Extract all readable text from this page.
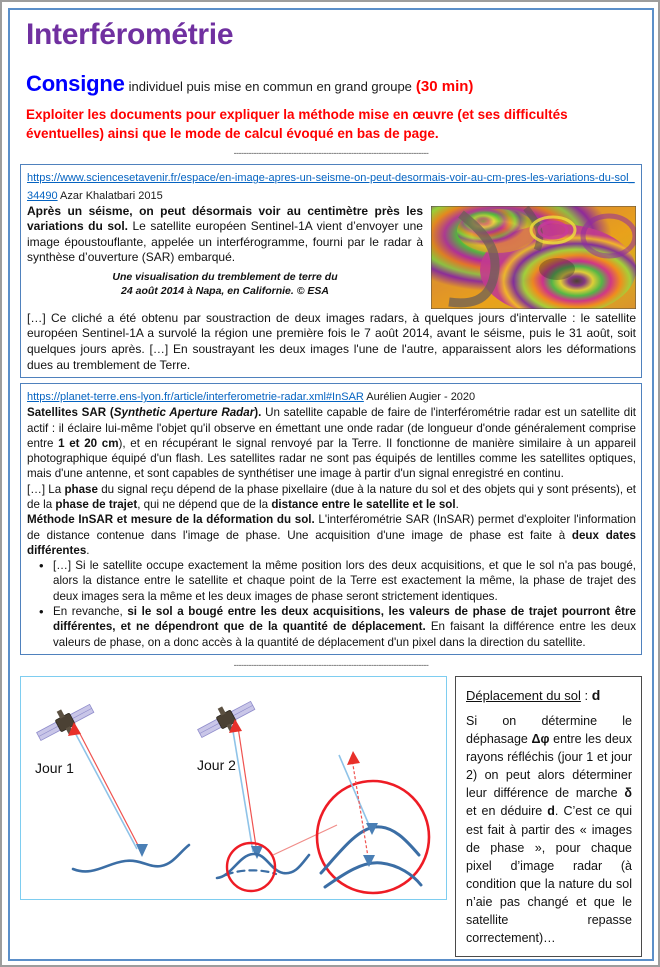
Interférométrie
Consigne individuel puis mise en commun en grand groupe (30 min)
Exploiter les documents pour expliquer la méthode mise en œuvre (et ses difficultés éventuelles) ainsi que le mode de calcul évoqué en bas de page.
------------------------------------------------------------------------------
https://www.sciencesetavenir.fr/espace/en-image-apres-un-seisme-on-peut-desormais-voir-au-cm-pres-les-variations-du-sol_34490 Azar Khalatbari 2015
Après un séisme, on peut désormais voir au centimètre près les variations du sol. Le satellite européen Sentinel-1A vient d’envoyer une image époustouflante, appelée un interférogramme, fourni par le radar à synthèse d’ouverture (SAR) embarqué.
Une visualisation du tremblement de terre du
24 août 2014 à Napa, en Californie. © ESA
[…] Ce cliché a été obtenu par soustraction de deux images radars, à quelques jours d'intervalle : le satellite européen Sentinel-1A a survolé la région une première fois le 7 août 2014, avant le séisme, puis le 31 août, soit quelques jours après. […] En soustrayant les deux images l'une de l'autre, apparaissent alors les déformations dues au tremblement de Terre.
https://planet-terre.ens-lyon.fr/article/interferometrie-radar.xml#InSAR Aurélien Augier - 2020

Satellites SAR (Synthetic Aperture Radar). Un satellite capable de faire de l'interférométrie radar est un satellite dit actif : il éclaire lui-même l'objet qu'il observe en émettant une onde radar (de longueur d'onde généralement comprise entre 1 et 20 cm), et en récupérant le signal renvoyé par la Terre. Il fonctionne de manière similaire à un appareil photographique équipé d'un flash. Les satellites radar ne sont pas équipés de lentilles comme les satellites optiques, mais d'une antenne, et sont capables de synthétiser une image à partir d'un signal enregistré en continu.

[…] La phase du signal reçu dépend de la phase pixellaire (due à la nature du sol et des objets qui y sont présents), et de la phase de trajet, qui ne dépend que de la distance entre le satellite et le sol.

Méthode InSAR et mesure de la déformation du sol. L'interférométrie SAR (InSAR) permet d'exploiter l'information de distance contenue dans l'image de phase. Une acquisition d'une image de phase est faite à deux dates différentes.

• […] Si le satellite occupe exactement la même position lors des deux acquisitions, et que le sol n'a pas bougé, alors la distance entre le satellite et chaque point de la Terre est exactement la même, la phase de trajet des deux images sera la même et les deux images de phase seront strictement identiques.
• En revanche, si le sol a bougé entre les deux acquisitions, les valeurs de phase de trajet pourront être différentes, et ne dépendront que de la quantité de déplacement. En faisant la différence entre les deux valeurs de phase, on a donc accès à la quantité de déplacement d'un pixel dans la direction du satellite.
------------------------------------------------------------------------------
Jour 1	Jour 2
Déplacement du sol : d
Si on détermine le déphasage Δφ entre les deux rayons réfléchis (jour 1 et jour 2) on peut alors déterminer leur différence de marche δ et en déduire d. C’est ce qui est fait à partir des « images de phase », pour chaque pixel d’image radar (à condition que la nature du sol n’aie pas changé et que le satellite repasse correctement)…
